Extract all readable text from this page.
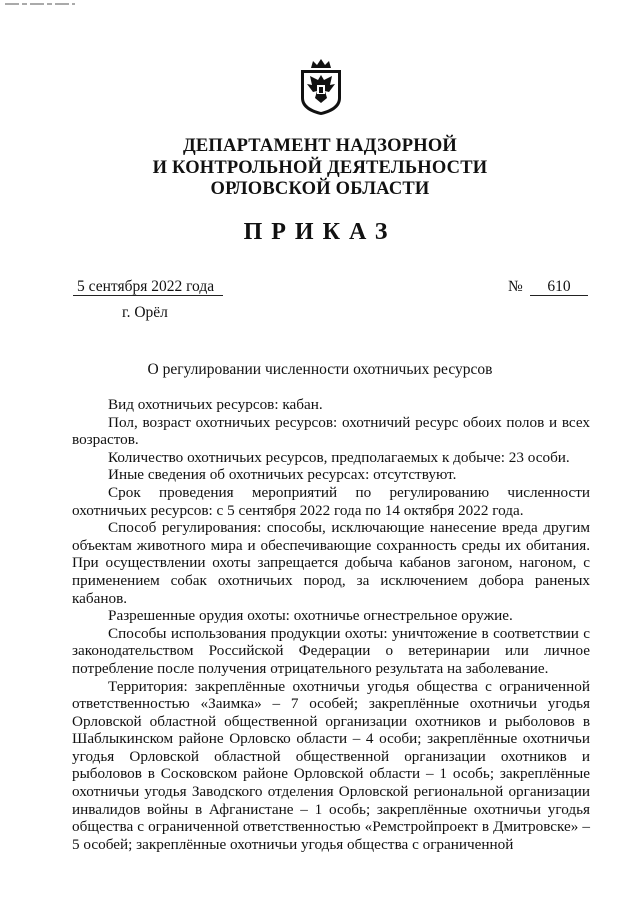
ДЕПАРТАМЕНТ НАДЗОРНОЙ
И КОНТРОЛЬНОЙ ДЕЯТЕЛЬНОСТИ
ОРЛОВСКОЙ ОБЛАСТИ
ПРИКАЗ
5 сентября 2022 года	№	610
г. Орёл
О регулировании численности охотничьих ресурсов

Вид охотничьих ресурсов: кабан.

Пол, возраст охотничьих ресурсов: охотничий ресурс обоих полов и всех возрастов.

Количество охотничьих ресурсов, предполагаемых к добыче: 23 особи.

Иные сведения об охотничьих ресурсах: отсутствуют.

Срок проведения мероприятий по регулированию численности охотничьих ресурсов: с 5 сентября 2022 года по 14 октября 2022 года.

Способ регулирования: способы, исключающие нанесение вреда другим объектам животного мира и обеспечивающие сохранность среды их обитания. При осуществлении охоты запрещается добыча кабанов загоном, нагоном, с применением собак охотничьих пород, за исключением добора раненых кабанов.

Разрешенные орудия охоты: охотничье огнестрельное оружие.

Способы использования продукции охоты: уничтожение в соответствии с законодательством Российской Федерации о ветеринарии или личное потребление после получения отрицательного результата на заболевание.

Территория: закреплённые охотничьи угодья общества с ограниченной ответственностью «Заимка» – 7 особей; закреплённые охотничьи угодья Орловской областной общественной организации охотников и рыболовов в Шаблыкинском районе Орловско области – 4 особи; закреплённые охотничьи угодья Орловской областной общественной организации охотников и рыболовов в Сосковском районе Орловской области – 1 особь; закреплённые охотничьи угодья Заводского отделения Орловской региональной организации инвалидов войны в Афганистане – 1 особь; закреплённые охотничьи угодья общества с ограниченной ответственностью «Ремстройпроект в Дмитровске» – 5 особей; закреплённые охотничьи угодья общества с ограниченной
